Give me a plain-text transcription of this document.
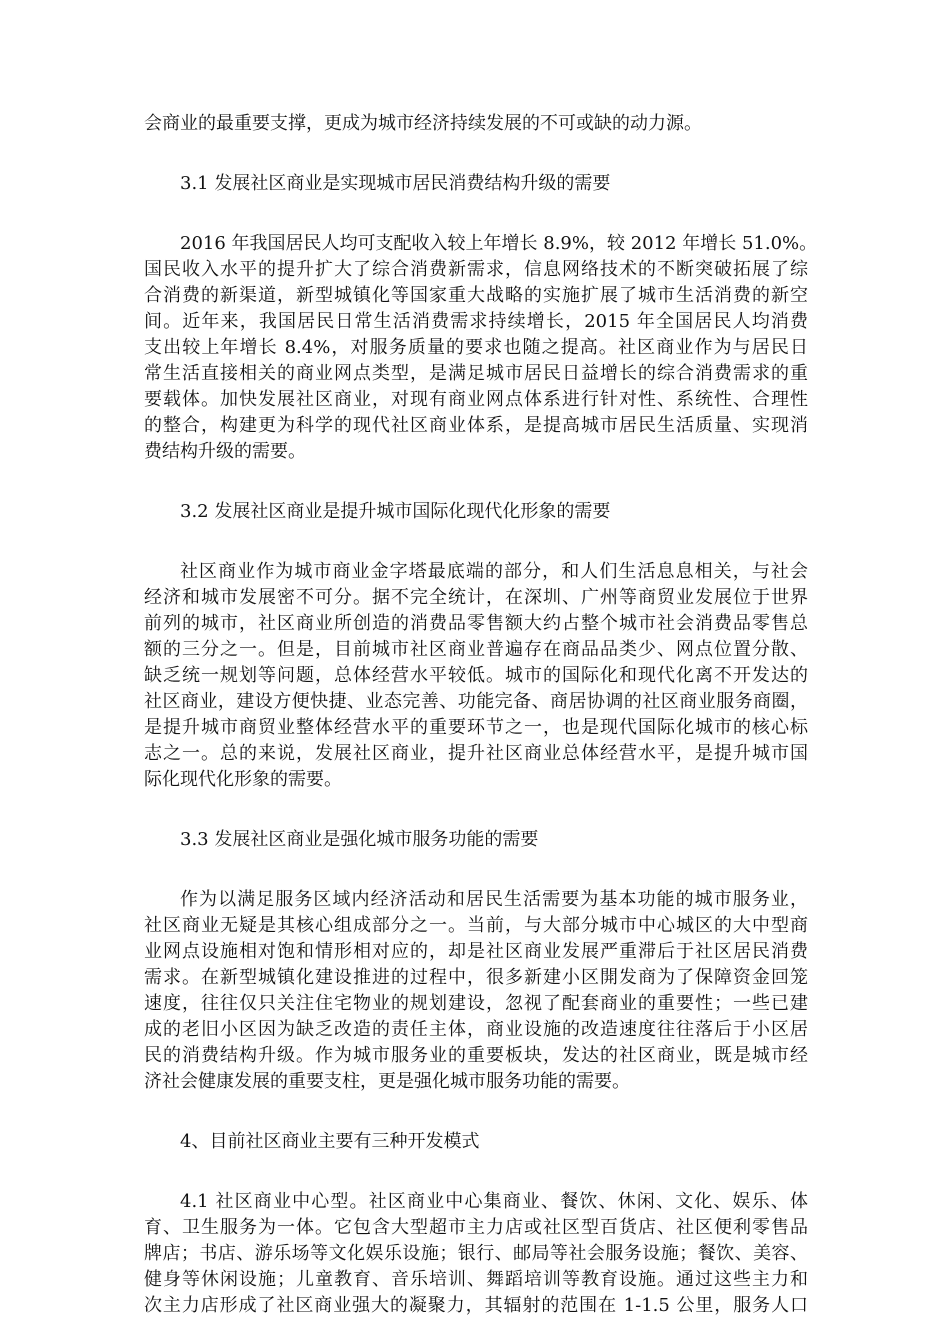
会商业的最重要支撑，更成为城市经济持续发展的不可或缺的动力源。
3.1 发展社区商业是实现城市居民消费结构升级的需要
2016 年我国居民人均可支配收入较上年增长 8.9%，较 2012 年增长 51.0%。
国民收入水平的提升扩大了综合消费新需求，信息网络技术的不断突破拓展了综
合消费的新渠道，新型城镇化等国家重大战略的实施扩展了城市生活消费的新空
间。近年来，我国居民日常生活消费需求持续增长，2015 年全国居民人均消费
支出较上年增长 8.4%，对服务质量的要求也随之提高。社区商业作为与居民日
常生活直接相关的商业网点类型，是满足城市居民日益增长的综合消费需求的重
要载体。加快发展社区商业，对现有商业网点体系进行针对性、系统性、合理性
的整合，构建更为科学的现代社区商业体系，是提高城市居民生活质量、实现消
费结构升级的需要。
3.2 发展社区商业是提升城市国际化现代化形象的需要
社区商业作为城市商业金字塔最底端的部分，和人们生活息息相关，与社会
经济和城市发展密不可分。据不完全统计，在深圳、广州等商贸业发展位于世界
前列的城市，社区商业所创造的消费品零售额大约占整个城市社会消费品零售总
额的三分之一。但是，目前城市社区商业普遍存在商品品类少、网点位置分散、
缺乏统一规划等问题，总体经营水平较低。城市的国际化和现代化离不开发达的
社区商业，建设方便快捷、业态完善、功能完备、商居协调的社区商业服务商圈，
是提升城市商贸业整体经营水平的重要环节之一，也是现代国际化城市的核心标
志之一。总的来说，发展社区商业，提升社区商业总体经营水平，是提升城市国
际化现代化形象的需要。
3.3 发展社区商业是强化城市服务功能的需要
作为以满足服务区域内经济活动和居民生活需要为基本功能的城市服务业，
社区商业无疑是其核心组成部分之一。当前，与大部分城市中心城区的大中型商
业网点设施相对饱和情形相对应的，却是社区商业发展严重滞后于社区居民消费
需求。在新型城镇化建设推进的过程中，很多新建小区開发商为了保障资金回笼
速度，往往仅只关注住宅物业的规划建设，忽视了配套商业的重要性；一些已建
成的老旧小区因为缺乏改造的责任主体，商业设施的改造速度往往落后于小区居
民的消费结构升级。作为城市服务业的重要板块，发达的社区商业，既是城市经
济社会健康发展的重要支柱，更是强化城市服务功能的需要。
4、目前社区商业主要有三种开发模式
4.1 社区商业中心型。社区商业中心集商业、餐饮、休闲、文化、娱乐、体
育、卫生服务为一体。它包含大型超市主力店或社区型百货店、社区便利零售品
牌店；书店、游乐场等文化娱乐设施；银行、邮局等社会服务设施；餐饮、美容、
健身等休闲设施；儿童教育、音乐培训、舞蹈培训等教育设施。通过这些主力和
次主力店形成了社区商业强大的凝聚力，其辐射的范围在 1-1.5 公里，服务人口
